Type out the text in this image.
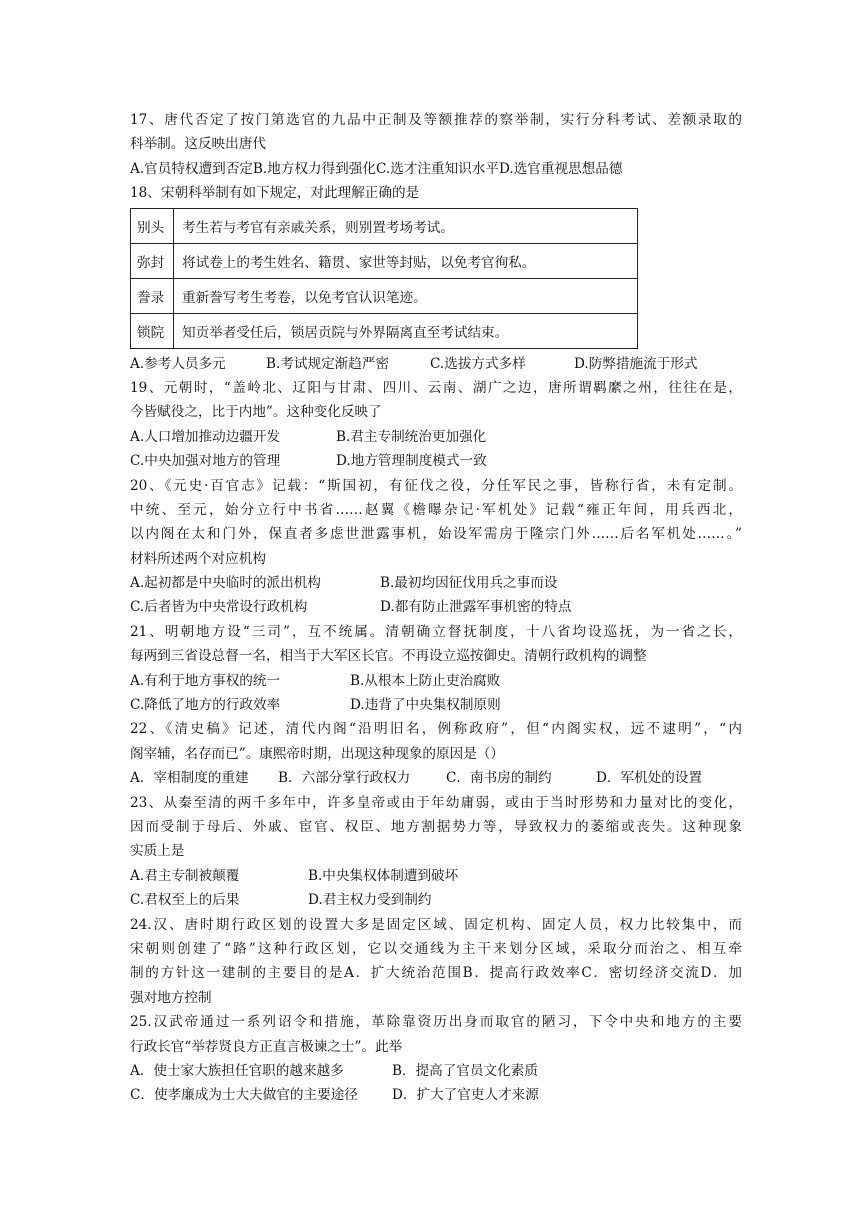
17、唐代否定了按门第选官的九品中正制及等额推荐的察举制，实行分科考试、差额录取的
科举制。这反映出唐代
A.官员特权遭到否定 B.地方权力得到强化 C.选才注重知识水平 D.选官重视思想品德
18、宋朝科举制有如下规定，对此理解正确的是
别头	考生若与考官有亲戚关系，则别置考场考试。
弥封	将试卷上的考生姓名、籍贯、家世等封贴，以免考官徇私。
誊录	重新誊写考生考卷，以免考官认识笔迹。
锁院	知贡举者受任后，锁居贡院与外界隔离直至考试结束。
A.参考人员多元	B.考试规定渐趋严密	C.选拔方式多样	D.防弊措施流于形式
19、元朝时，“盖岭北、辽阳与甘肃、四川、云南、湖广之边，唐所谓羁縻之州，往往在是，
今皆赋役之，比于内地”。这种变化反映了
A.人口增加推动边疆开发	B.君主专制统治更加强化
C.中央加强对地方的管理	D.地方管理制度模式一致
20、《元史·百官志》记载：“斯国初，有征伐之役，分任军民之事，皆称行省，未有定制。
中统、至元，始分立行中书省……赵翼《檐曝杂记·军机处》记载“雍正年间，用兵西北，
以内阁在太和门外，保直者多虑世泄露事机，始设军需房于隆宗门外……后名军机处……。”
材料所述两个对应机构
A.起初都是中央临时的派出机构	B.最初均因征伐用兵之事而设
C.后者皆为中央常设行政机构	D.都有防止泄露军事机密的特点
21、明朝地方设“三司”，互不统属。清朝确立督抚制度，十八省均设巡抚，为一省之长，
每两到三省设总督一名，相当于大军区长官。不再设立巡按御史。清朝行政机构的调整
A.有利于地方事权的统一	B.从根本上防止吏治腐败
C.降低了地方的行政效率	D.违背了中央集权制原则
22、《清史稿》记述，清代内阁“沿明旧名，例称政府”，但“内阁实权，远不逮明”，“内
阁宰辅，名存而已”。康熙帝时期，出现这种现象的原因是（）
A．宰相制度的重建	B．六部分掌行政权力	C．南书房的制约	D．军机处的设置
23、从秦至清的两千多年中，许多皇帝或由于年幼庸弱，或由于当时形势和力量对比的变化，
因而受制于母后、外戚、宦官、权臣、地方割据势力等，导致权力的萎缩或丧失。这种现象
实质上是
A.君主专制被颠覆	B.中央集权体制遭到破坏
C.君权至上的后果	D.君主权力受到制约
24.汉、唐时期行政区划的设置大多是固定区域、固定机构、固定人员，权力比较集中，而
宋朝则创建了“路”这种行政区划，它以交通线为主干来划分区域，采取分而治之、相互牵
制的方针这一建制的主要目的是A．扩大统治范围B．提高行政效率C．密切经济交流D．加
强对地方控制
25.汉武帝通过一系列诏令和措施，革除靠资历出身而取官的陋习，下令中央和地方的主要
行政长官“举荐贤良方正直言极谏之士”。此举
A．使士家大族担任官职的越来越多	B．提高了官员文化素质
C．使孝廉成为士大夫做官的主要途径	D．扩大了官吏人才来源
